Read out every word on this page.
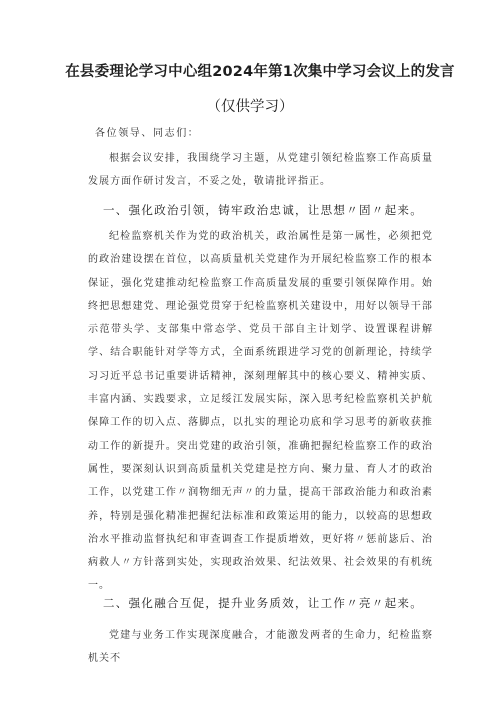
在县委理论学习中心组2024年第1次集中学习会议上的发言
（仅供学习）
各位领导、同志们：

根据会议安排，我围绕学习主题，从党建引领纪检监察工作高质量发展方面作研讨发言，不妥之处，敬请批评指正。

一、强化政治引领，铸牢政治忠诚，让思想〃固〃起来。

纪检监察机关作为党的政治机关，政治属性是第一属性，必须把党的政治建设摆在首位，以高质量机关党建作为开展纪检监察工作的根本保证，强化党建推动纪检监察工作高质量发展的重要引领保障作用。始终把思想建党、理论强党贯穿于纪检监察机关建设中，用好以领导干部示范带头学、支部集中常态学、党员干部自主计划学、设置课程讲解学、结合职能针对学等方式，全面系统跟进学习党的创新理论，持续学习习近平总书记重要讲话精神，深刻理解其中的核心要义、精神实质、丰富内涵、实践要求，立足绥江发展实际，深入思考纪检监察机关护航保障工作的切入点、落脚点，以扎实的理论功底和学习思考的新收获推动工作的新提升。突出党建的政治引领，准确把握纪检监察工作的政治属性，要深刻认识到高质量机关党建是控方向、聚力量、育人才的政治工作，以党建工作〃润物细无声〃的力量，提高干部政治能力和政治素养，特别是强化精准把握纪法标准和政策运用的能力，以较高的思想政治水平推动监督执纪和审查调查工作提质增效，更好将〃惩前毖后、治病救人〃方针落到实处，实现政治效果、纪法效果、社会效果的有机统一。

二、强化融合互促，提升业务质效，让工作〃亮〃起来。

党建与业务工作实现深度融合，才能激发两者的生命力，纪检监察机关不
